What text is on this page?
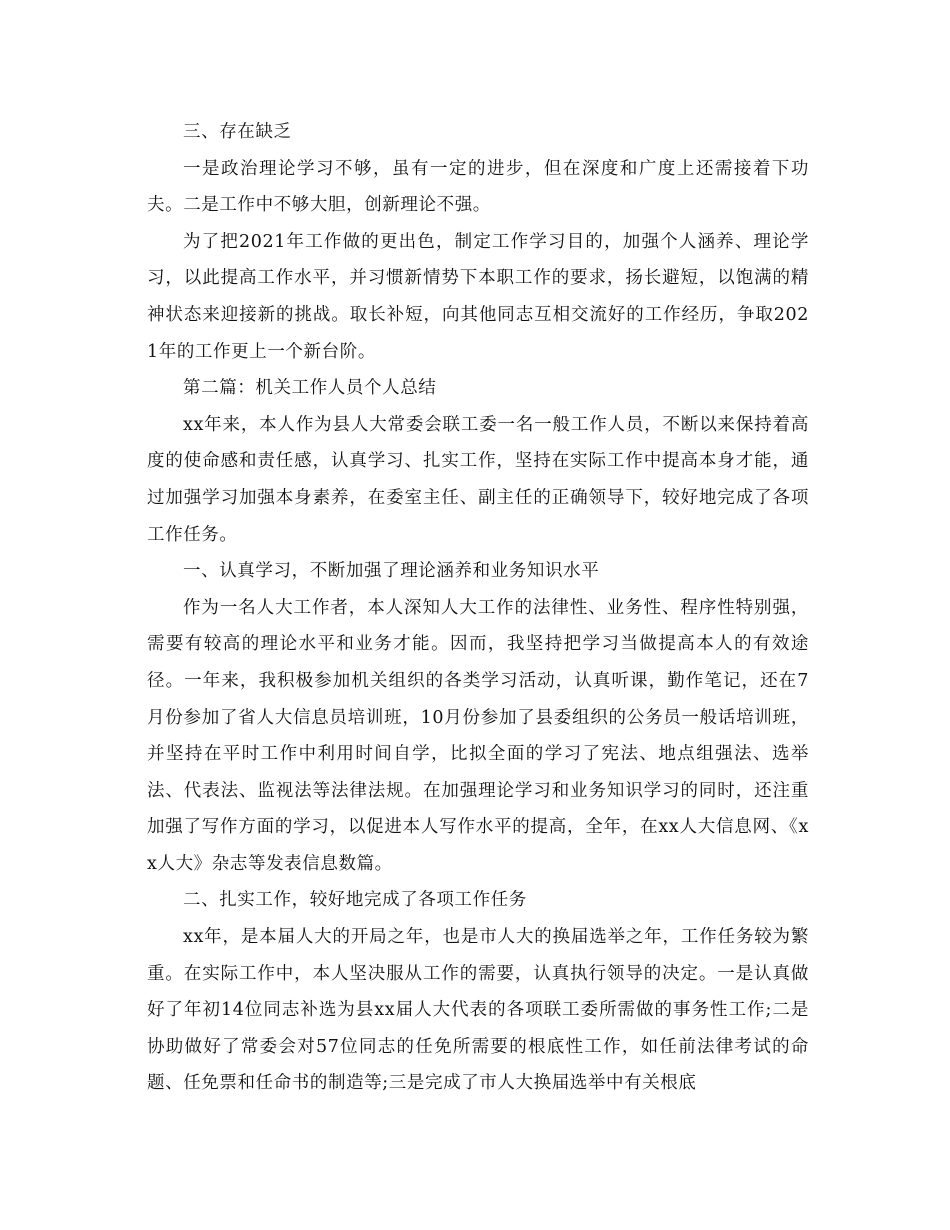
三、存在缺乏

一是政治理论学习不够，虽有一定的进步，但在深度和广度上还需接着下功夫。二是工作中不够大胆，创新理论不强。

为了把2021年工作做的更出色，制定工作学习目的，加强个人涵养、理论学习，以此提高工作水平，并习惯新情势下本职工作的要求，扬长避短，以饱满的精神状态来迎接新的挑战。取长补短，向其他同志互相交流好的工作经历，争取2021年的工作更上一个新台阶。

第二篇：机关工作人员个人总结

xx年来，本人作为县人大常委会联工委一名一般工作人员，不断以来保持着高度的使命感和责任感，认真学习、扎实工作，坚持在实际工作中提高本身才能，通过加强学习加强本身素养，在委室主任、副主任的正确领导下，较好地完成了各项工作任务。

一、认真学习，不断加强了理论涵养和业务知识水平

作为一名人大工作者，本人深知人大工作的法律性、业务性、程序性特别强，需要有较高的理论水平和业务才能。因而，我坚持把学习当做提高本人的有效途径。一年来，我积极参加机关组织的各类学习活动，认真听课，勤作笔记，还在7月份参加了省人大信息员培训班，10月份参加了县委组织的公务员一般话培训班，并坚持在平时工作中利用时间自学，比拟全面的学习了宪法、地点组强法、选举法、代表法、监视法等法律法规。在加强理论学习和业务知识学习的同时，还注重加强了写作方面的学习，以促进本人写作水平的提高，全年，在xx人大信息网、《xx人大》杂志等发表信息数篇。

二、扎实工作，较好地完成了各项工作任务

xx年，是本届人大的开局之年，也是市人大的换届选举之年，工作任务较为繁重。在实际工作中，本人坚决服从工作的需要，认真执行领导的决定。一是认真做好了年初14位同志补选为县xx届人大代表的各项联工委所需做的事务性工作;二是协助做好了常委会对57位同志的任免所需要的根底性工作，如任前法律考试的命题、任免票和任命书的制造等;三是完成了市人大换届选举中有关根底
